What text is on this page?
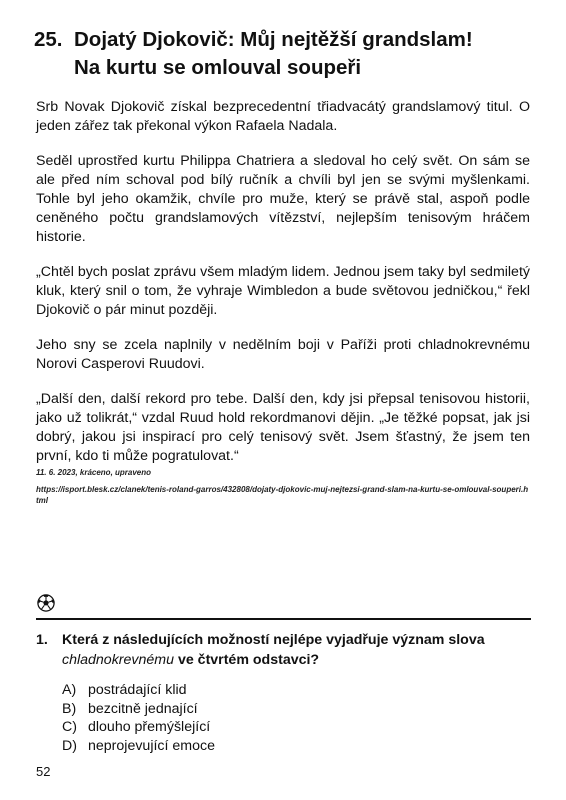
25. Dojatý Djokovič: Můj nejtěžší grandslam!
Na kurtu se omlouval soupeři

Srb Novak Djokovič získal bezprecedentní třiadvacátý grandslamový titul. O jeden zářez tak překonal výkon Rafaela Nadala.

Seděl uprostřed kurtu Philippa Chatriera a sledoval ho celý svět. On sám se ale před ním schoval pod bílý ručník a chvíli byl jen se svými myšlenkami. Tohle byl jeho okamžik, chvíle pro muže, který se právě stal, aspoň podle ceněného počtu grandslamových vítězství, nejlepším tenisovým hráčem historie.

„Chtěl bych poslat zprávu všem mladým lidem. Jednou jsem taky byl sedmiletý kluk, který snil o tom, že vyhraje Wimbledon a bude světovou jedničkou,“ řekl Djokovič o pár minut později.

Jeho sny se zcela naplnily v nedělním boji v Paříži proti chladnokrevnému Norovi Casperovi Ruudovi.

„Další den, další rekord pro tebe. Další den, kdy jsi přepsal tenisovou historii, jako už tolikrát,“ vzdal Ruud hold rekordmanovi dějin. „Je těžké popsat, jak jsi dobrý, jakou jsi inspirací pro celý tenisový svět. Jsem šťastný, že jsem ten první, kdo ti může pogratulovat.“

11. 6. 2023, kráceno, upraveno
https://isport.blesk.cz/clanek/tenis-roland-garros/432808/dojaty-djokovic-muj-nejtezsi-grand-slam-na-kurtu-se-omlouval-souperi.html
1. Která z následujících možností nejlépe vyjadřuje význam slova chladnokrevnému ve čtvrtém odstavci?
A) postrádající klid
B) bezcitně jednající
C) dlouho přemýšlející
D) neprojevující emoce
52
